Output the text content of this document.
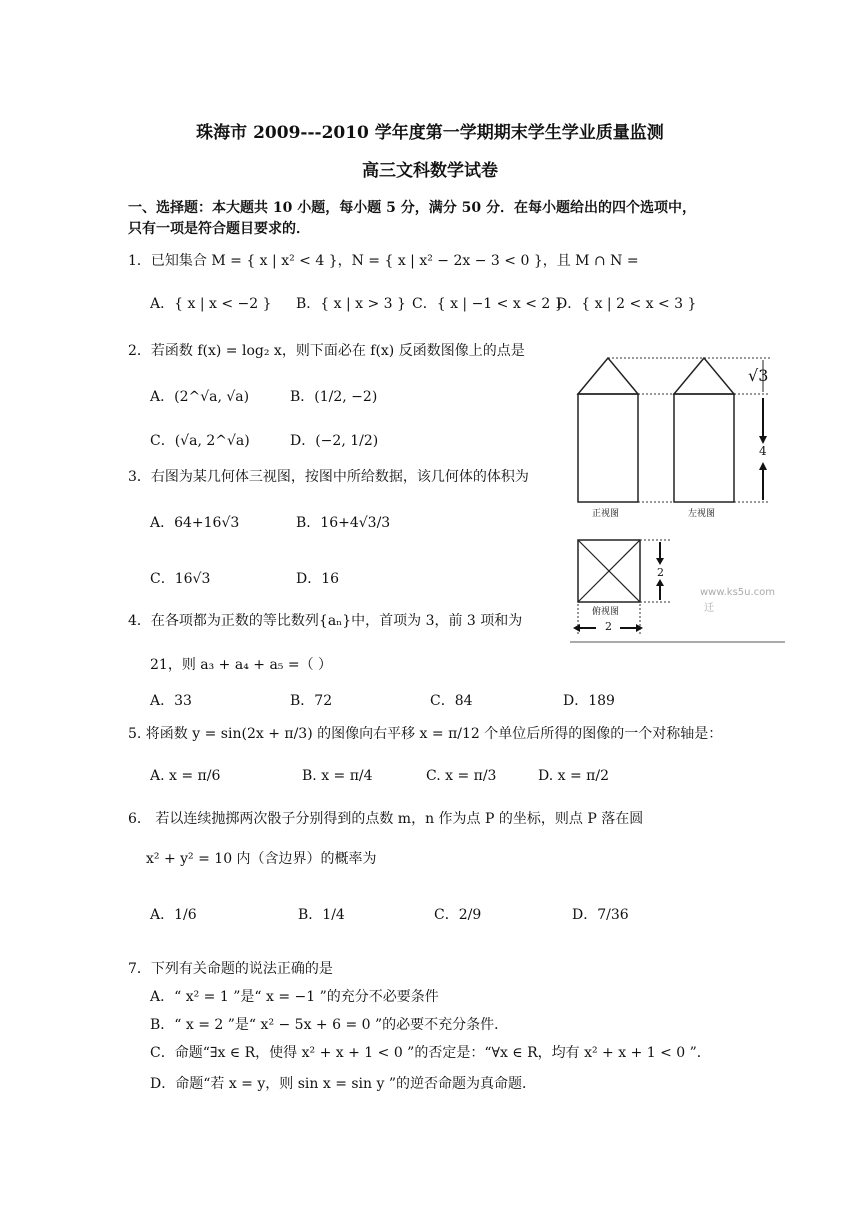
珠海市 2009---2010 学年度第一学期期末学生学业质量监测
高三文科数学试卷
一、选择题：本大题共 10 小题，每小题 5 分，满分 50 分．在每小题给出的四个选项中，
只有一项是符合题目要求的．
1．已知集合 M = { x | x² < 4 }，N = { x | x² − 2x − 3 < 0 }，且 M ∩ N =
A．{ x | x < −2 } B．{ x | x > 3 } C．{ x | −1 < x < 2 }
D．{ x | 2 < x < 3 }
2．若函数 f(x) = log₂ x，则下面必在 f(x) 反函数图像上的点是
A．(2^√a, √a)	B．(1/2, −2)
C．(√a, 2^√a)	D．(−2, 1/2)
3．右图为某几何体三视图，按图中所给数据，该几何体的体积为
A．64+16√3	B．16+4√3/3
C．16√3	D．16
4．在各项都为正数的等比数列{aₙ}中，首项为 3，前 3 项和为
21，则 a₃ + a₄ + a₅ =（ ）
A．33	B．72	C．84	D．189
5. 将函数 y = sin(2x + π/3) 的图像向右平移 x = π/12 个单位后所得的图像的一个对称轴是：
A. x = π/6	B. x = π/4	C. x = π/3	D. x = π/2
6． 若以连续抛掷两次骰子分别得到的点数 m，n 作为点 P 的坐标，则点 P 落在圆
x² + y² = 10 内（含边界）的概率为
A．1/6	B．1/4	C．2/9	D．7/36
7．下列有关命题的说法正确的是
A．“ x² = 1 ”是“ x = −1 ”的充分不必要条件
B．“ x = 2 ”是“ x² − 5x + 6 = 0 ”的必要不充分条件．
C．命题“∃x ∈ R，使得 x² + x + 1 < 0 ”的否定是：“∀x ∈ R，均有 x² + x + 1 < 0 ”．
D．命题“若 x = y，则 sin x = sin y ”的逆否命题为真命题．
√3
4
正视图	左视图
2
俯视图
2
www.ks5u.com
迁
